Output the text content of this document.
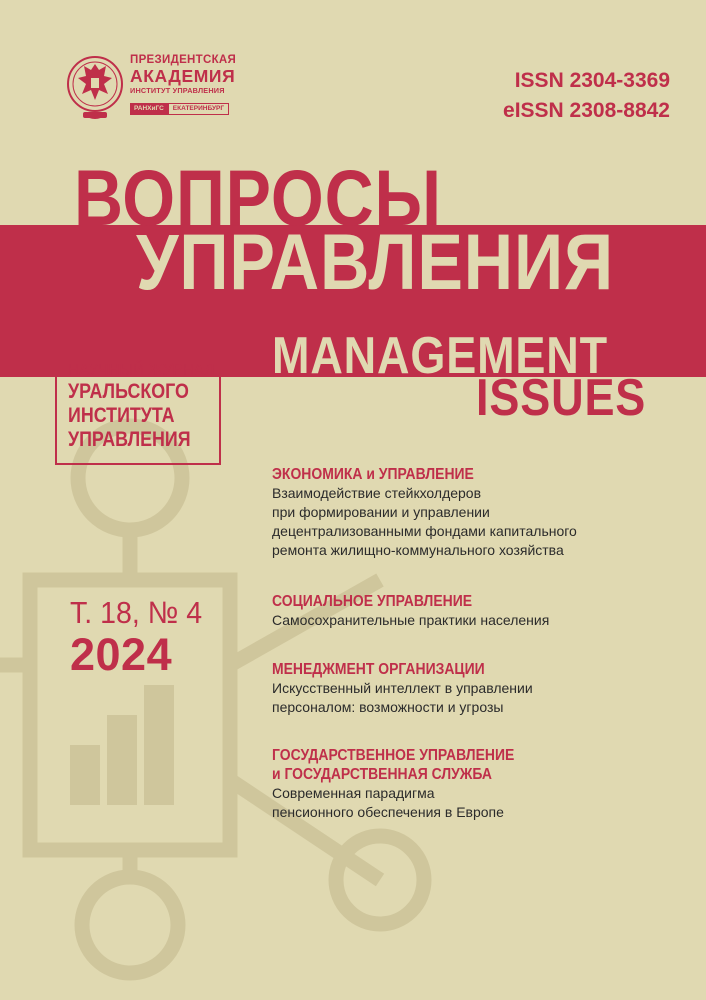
ПРЕЗИДЕНТСКАЯ
АКАДЕМИЯ
ИНСТИТУТ УПРАВЛЕНИЯ
РАНХиГС	ЕКАТЕРИНБУРГ
ISSN 2304-3369
eISSN 2308-8842
ВОПРОСЫ
УПРАВЛЕНИЯ
MANAGEMENT
ISSUES
НАУЧНЫЙ ЖУРНАЛ
УРАЛЬСКОГО
ИНСТИТУТА
УПРАВЛЕНИЯ
Т. 18, № 4
2024
ЭКОНОМИКА и УПРАВЛЕНИЕ
Взаимодействие стейкхолдеров
при формировании и управлении
децентрализованными фондами капитального
ремонта жилищно-коммунального хозяйства
СОЦИАЛЬНОЕ УПРАВЛЕНИЕ
Самосохранительные практики населения
МЕНЕДЖМЕНТ ОРГАНИЗАЦИИ
Искусственный интеллект в управлении
персоналом: возможности и угрозы
ГОСУДАРСТВЕННОЕ УПРАВЛЕНИЕ
и ГОСУДАРСТВЕННАЯ СЛУЖБА
Современная парадигма
пенсионного обеспечения в Европе
